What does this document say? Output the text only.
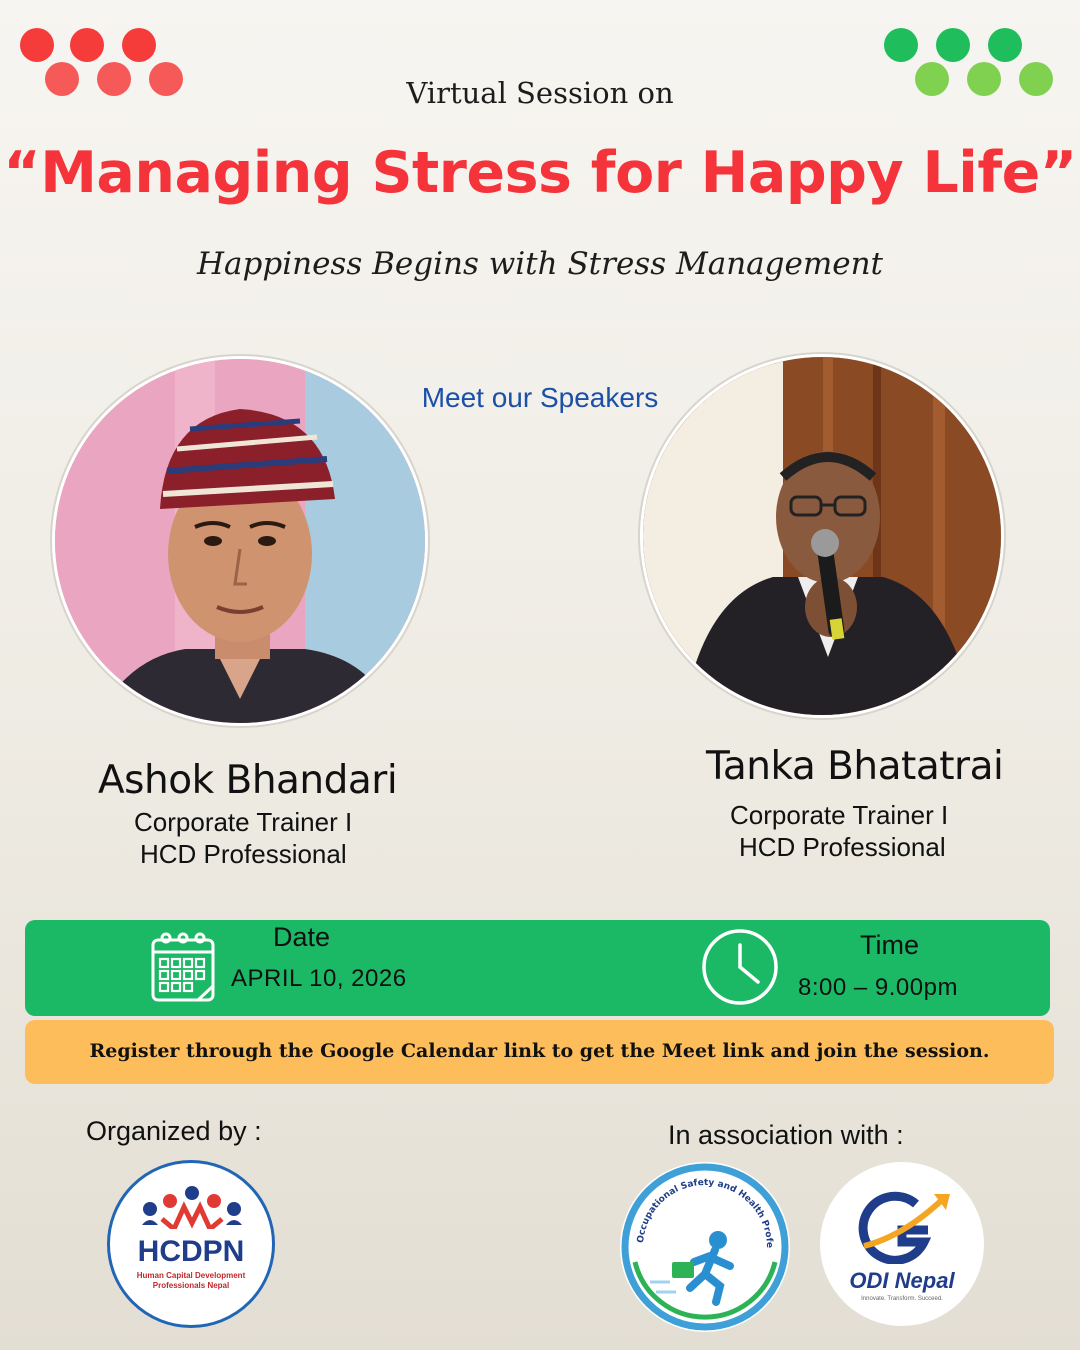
Virtual Session on
“Managing Stress for Happy Life”
Happiness Begins with Stress Management
Meet our Speakers
Ashok Bhandari
Corporate Trainer I
HCD Professional
Tanka Bhatatrai
Corporate Trainer I
HCD Professional
Date
APRIL 10, 2026
Time
8:00 – 9.00pm
Register through the Google Calendar link to get the Meet link and join the session.
Organized by :	In association with :
HCDPN
Human Capital Development
Professionals Nepal
Occupational Safety and Health Profe
ODI Nepal
Innovate. Transform. Succeed.
